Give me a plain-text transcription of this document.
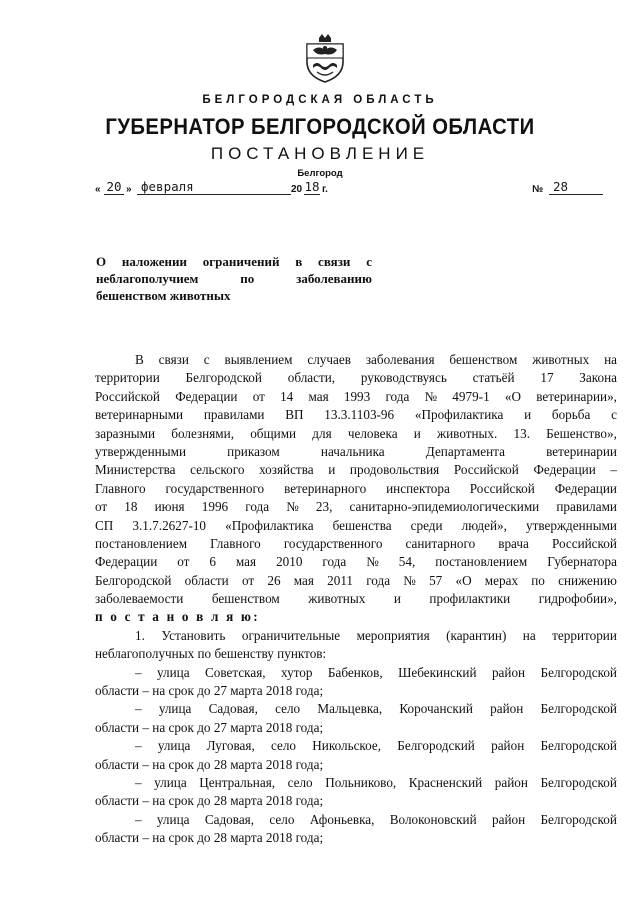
БЕЛГОРОДСКАЯ ОБЛАСТЬ
ГУБЕРНАТОР БЕЛГОРОДСКОЙ ОБЛАСТИ
ПОСТАНОВЛЕНИЕ
Белгород
« 20 » февраля	20 18 г.	№ 28
О наложении ограничений в связи с
неблагополучием	по	заболеванию
бешенством животных
В связи с выявлением случаев заболевания бешенством животных на
территории Белгородской области, руководствуясь статьёй 17 Закона
Российской Федерации от 14 мая 1993 года № 4979-1 «О ветеринарии»,
ветеринарными правилами ВП 13.3.1103-96 «Профилактика и борьба с
заразными болезнями, общими для человека и животных. 13. Бешенство»,
утвержденными	приказом	начальника	Департамента	ветеринарии
Министерства сельского хозяйства и продовольствия Российской Федерации –
Главного государственного ветеринарного инспектора Российской Федерации
от 18 июня 1996 года № 23, санитарно-эпидемиологическими правилами
СП 3.1.7.2627-10 «Профилактика бешенства среди людей», утвержденными
постановлением Главного государственного санитарного врача Российской
Федерации от 6 мая 2010 года № 54, постановлением Губернатора
Белгородской области от 26 мая 2011 года № 57 «О мерах по снижению
заболеваемости бешенством животных и профилактики гидрофобии»,
п о с т а н о в л я ю:
1. Установить ограничительные мероприятия (карантин) на территории
неблагополучных по бешенству пунктов:
– улица Советская, хутор Бабенков, Шебекинский район Белгородской
области – на срок до 27 марта 2018 года;
– улица Садовая, село Мальцевка, Корочанский район Белгородской
области – на срок до 27 марта 2018 года;
– улица Луговая, село Никольское, Белгородский район Белгородской
области – на срок до 28 марта 2018 года;
– улица Центральная, село Польниково, Красненский район Белгородской
области – на срок до 28 марта 2018 года;
– улица Садовая, село Афоньевка, Волоконовский район Белгородской
области – на срок до 28 марта 2018 года;
